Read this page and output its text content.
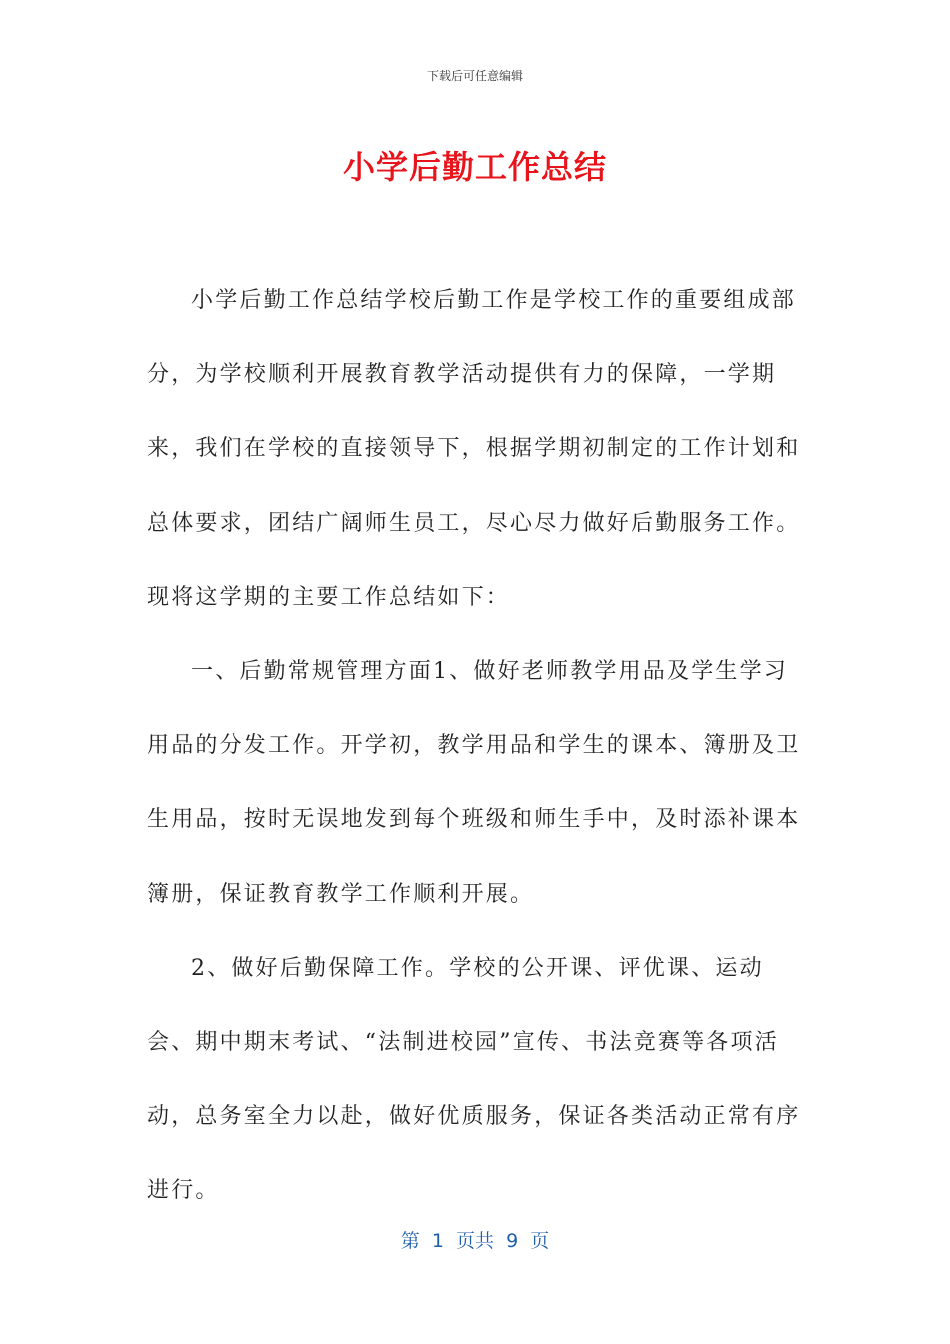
下载后可任意编辑
小学后勤工作总结

小学后勤工作总结学校后勤工作是学校工作的重要组成部分，为学校顺利开展教育教学活动提供有力的保障，一学期来，我们在学校的直接领导下，根据学期初制定的工作计划和总体要求，团结广阔师生员工，尽心尽力做好后勤服务工作。现将这学期的主要工作总结如下：

一、后勤常规管理方面1、做好老师教学用品及学生学习用品的分发工作。开学初，教学用品和学生的课本、簿册及卫生用品，按时无误地发到每个班级和师生手中，及时添补课本簿册，保证教育教学工作顺利开展。

2、做好后勤保障工作。学校的公开课、评优课、运动会、期中期末考试、“法制进校园”宣传、书法竞赛等各项活动，总务室全力以赴，做好优质服务，保证各类活动正常有序进行。

第  1  页共  9  页
